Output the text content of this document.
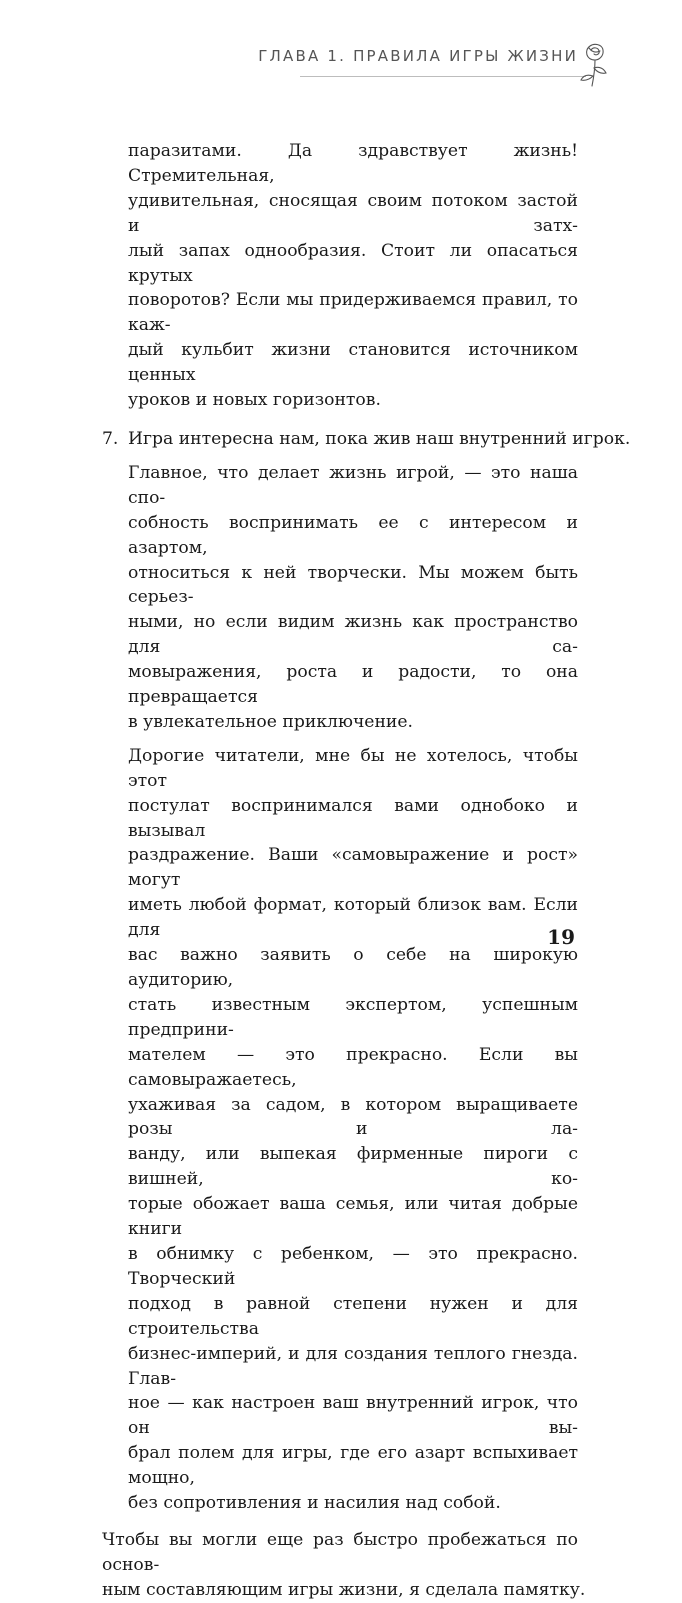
ГЛАВА 1. ПРАВИЛА ИГРЫ ЖИЗНИ
паразитами. Да здравствует жизнь! Стремительная,
удивительная, сносящая своим потоком застой и затх-
лый запах однообразия. Стоит ли опасаться крутых
поворотов? Если мы придерживаемся правил, то каж-
дый кульбит жизни становится источником ценных
уроков и новых горизонтов.
7. Игра интересна нам, пока жив наш внутренний игрок.
Главное, что делает жизнь игрой, — это наша спо-
собность воспринимать ее с интересом и азартом,
относиться к ней творчески. Мы можем быть серьез-
ными, но если видим жизнь как пространство для са-
мовыражения, роста и радости, то она превращается
в увлекательное приключение.
Дорогие читатели, мне бы не хотелось, чтобы этот
постулат воспринимался вами однобоко и вызывал
раздражение. Ваши «самовыражение и рост» могут
иметь любой формат, который близок вам. Если для
вас важно заявить о себе на широкую аудиторию,
стать известным экспертом, успешным предприни-
мателем — это прекрасно. Если вы самовыражаетесь,
ухаживая за садом, в котором выращиваете розы и ла-
ванду, или выпекая фирменные пироги с вишней, ко-
торые обожает ваша семья, или читая добрые книги
в обнимку с ребенком, — это прекрасно. Творческий
подход в равной степени нужен и для строительства
бизнес-империй, и для создания теплого гнезда. Глав-
ное — как настроен ваш внутренний игрок, что он вы-
брал полем для игры, где его азарт вспыхивает мощно,
без сопротивления и насилия над собой.
Чтобы вы могли еще раз быстро пробежаться по основ-
ным составляющим игры жизни, я сделала памятку.
19
